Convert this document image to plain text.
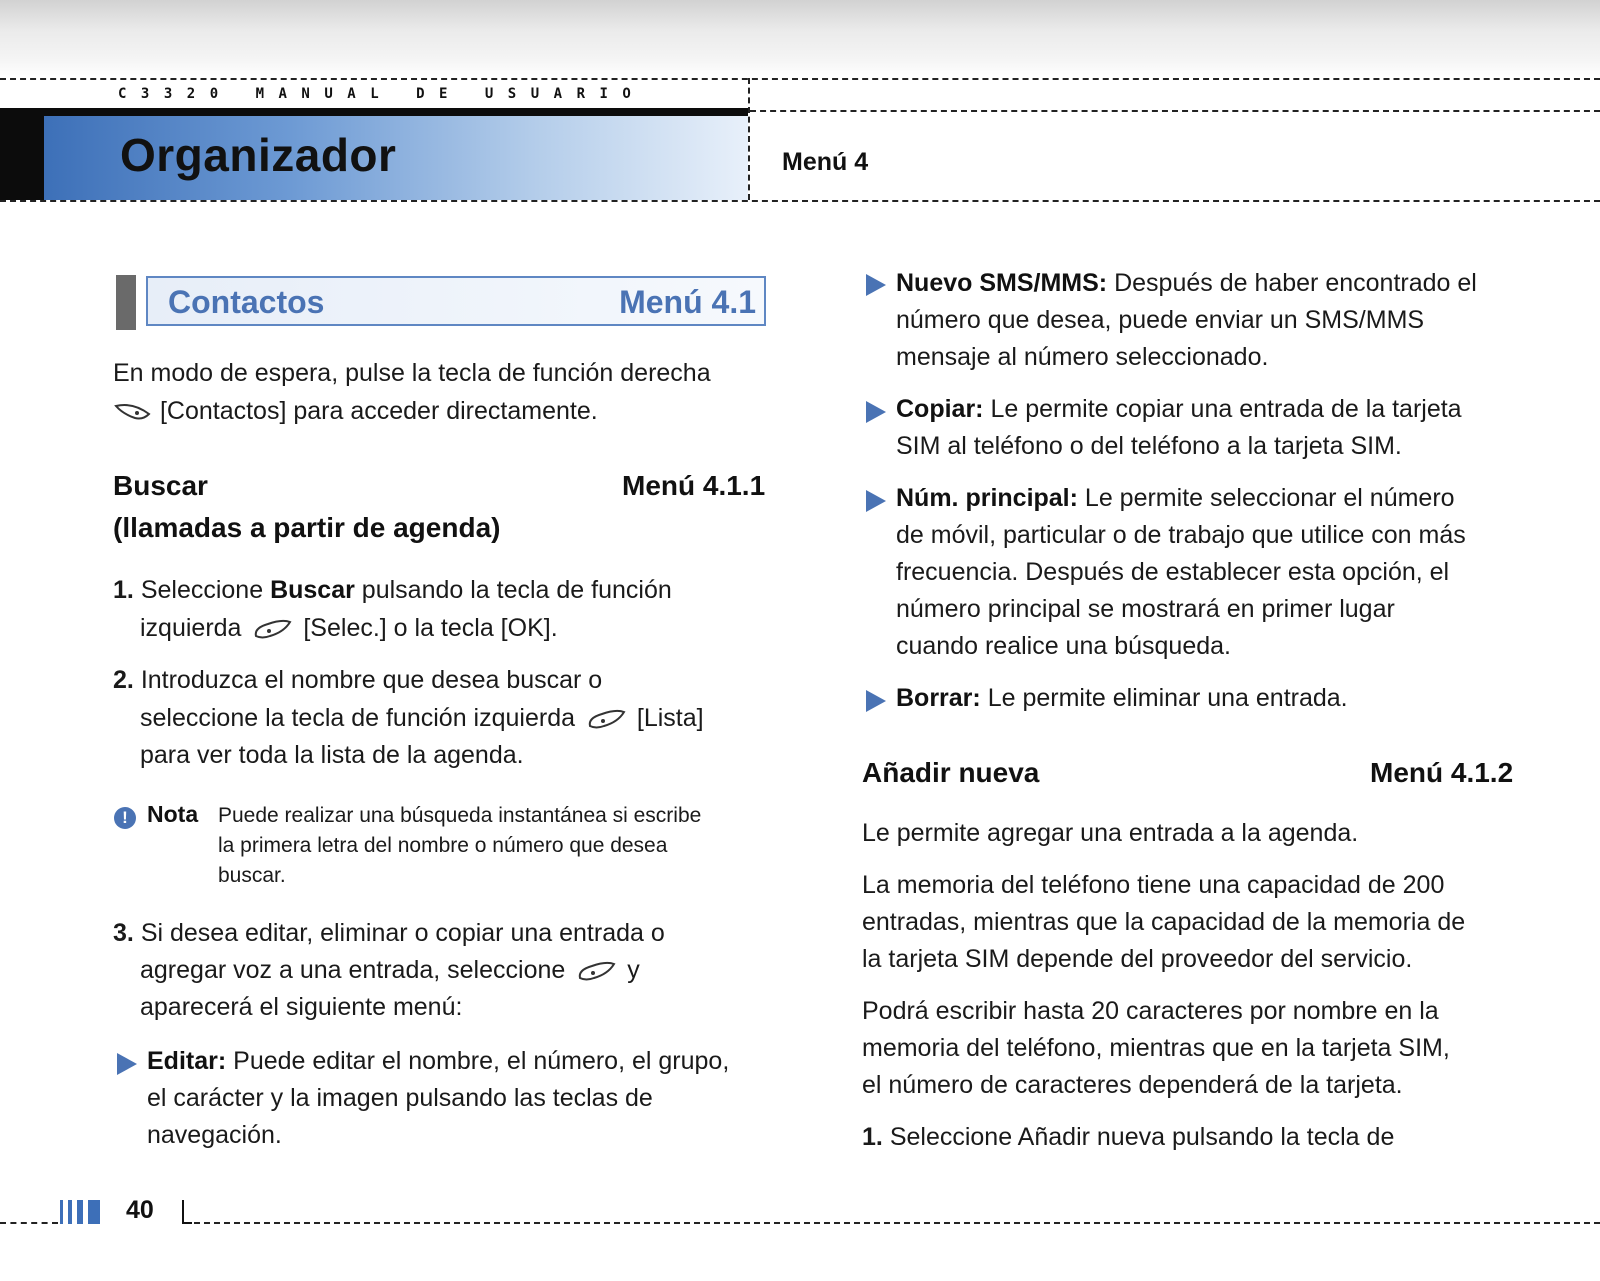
C3320 MANUAL DE USUARIO
Organizador	Menú 4
Contactos	Menú 4.1
En modo de espera, pulse la tecla de función derecha
[Contactos] para acceder directamente.
Buscar	Menú 4.1.1
(llamadas a partir de agenda)
1. Seleccione Buscar pulsando la tecla de función
izquierda [Selec.] o la tecla [OK].
2. Introduzca el nombre que desea buscar o
seleccione la tecla de función izquierda [Lista]
para ver toda la lista de la agenda.
! Nota Puede realizar una búsqueda instantánea si escribe
la primera letra del nombre o número que desea
buscar.
3. Si desea editar, eliminar o copiar una entrada o
agregar voz a una entrada, seleccione y
aparecerá el siguiente menú:
Editar: Puede editar el nombre, el número, el grupo,
el carácter y la imagen pulsando las teclas de
navegación.
Nuevo SMS/MMS: Después de haber encontrado el
número que desea, puede enviar un SMS/MMS
mensaje al número seleccionado.
Copiar: Le permite copiar una entrada de la tarjeta
SIM al teléfono o del teléfono a la tarjeta SIM.
Núm. principal: Le permite seleccionar el número
de móvil, particular o de trabajo que utilice con más
frecuencia. Después de establecer esta opción, el
número principal se mostrará en primer lugar
cuando realice una búsqueda.
Borrar: Le permite eliminar una entrada.
Añadir nueva	Menú 4.1.2
Le permite agregar una entrada a la agenda.
La memoria del teléfono tiene una capacidad de 200
entradas, mientras que la capacidad de la memoria de
la tarjeta SIM depende del proveedor del servicio.
Podrá escribir hasta 20 caracteres por nombre en la
memoria del teléfono, mientras que en la tarjeta SIM,
el número de caracteres dependerá de la tarjeta.
1. Seleccione Añadir nueva pulsando la tecla de
40
